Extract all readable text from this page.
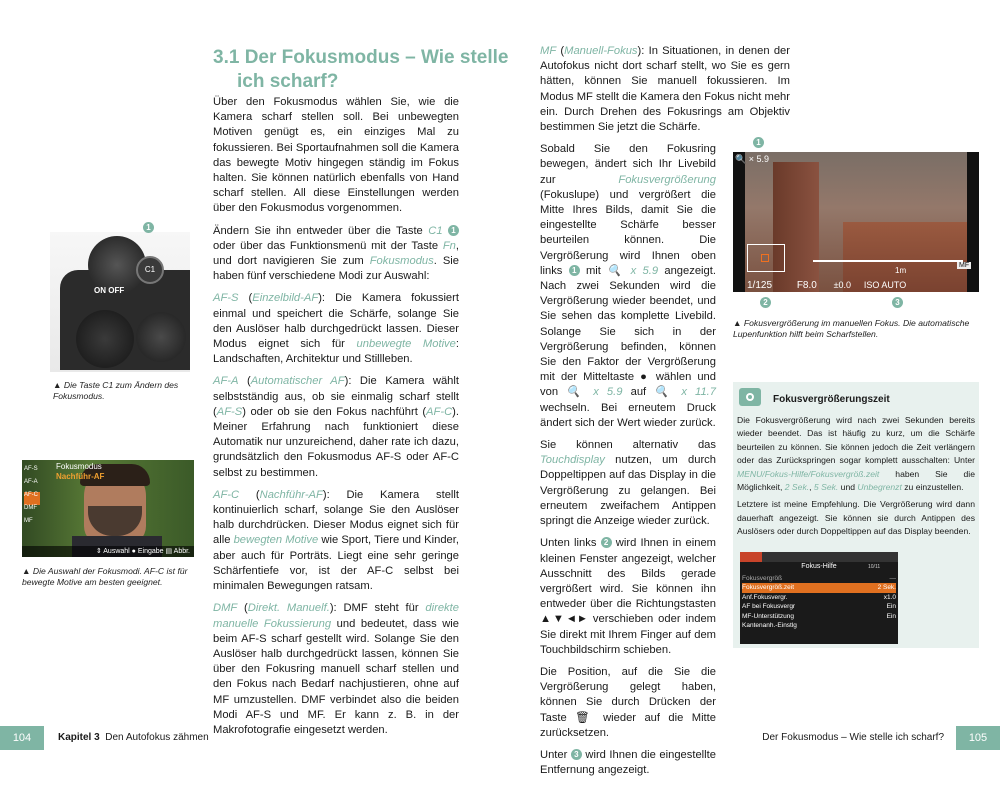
C1
ON OFF
1
▲ Die Taste C1 zum Ändern des Fokusmodus.
Fokusmodus
Nachführ-AF
AF-S
AF-A
AF-C
DMF
MF
⇕ Auswahl ● Eingabe ▤ Abbr.
▲ Die Auswahl der Fokusmodi. AF-C ist für bewegte Motive am besten geeignet.
3.1 Der Fokusmodus – Wie stelle
ich scharf?

Über den Fokusmodus wählen Sie, wie die Kamera scharf stellen soll. Bei unbewegten Motiven genügt es, ein einziges Mal zu fokussieren. Bei Sportaufnahmen soll die Kamera das bewegte Motiv hingegen ständig im Fokus halten. Sie können natürlich ebenfalls von Hand scharf stellen. All diese Einstellungen werden über den Fokusmodus vorgenommen.

Ändern Sie ihn entweder über die Taste C1 1 oder über das Funktionsmenü mit der Taste Fn, und dort navigieren Sie zum Fokusmodus. Sie haben fünf verschiedene Modi zur Auswahl:

AF-S (Einzelbild-AF): Die Kamera fokussiert einmal und speichert die Schärfe, solange Sie den Auslöser halb durchgedrückt lassen. Dieser Modus eignet sich für unbewegte Motive: Landschaften, Architektur und Stillleben.

AF-A (Automatischer AF): Die Kamera wählt selbstständig aus, ob sie einmalig scharf stellt (AF-S) oder ob sie den Fokus nachführt (AF-C). Meiner Erfahrung nach funktioniert diese Automatik nur unzureichend, daher rate ich dazu, grundsätzlich den Fokusmodus AF-S oder AF-C selbst zu bestimmen.

AF-C (Nachführ-AF): Die Kamera stellt kontinuierlich scharf, solange Sie den Auslöser halb durchdrücken. Dieser Modus eignet sich für alle bewegten Motive wie Sport, Tiere und Kinder, aber auch für Porträts. Liegt eine sehr geringe Schärfentiefe vor, ist der AF-C selbst bei minimalen Bewegungen ratsam.

DMF (Direkt. Manuelf.): DMF steht für direkte manuelle Fokussierung und bedeutet, dass wie beim AF-S scharf gestellt wird. Solange Sie den Auslöser halb durchgedrückt lassen, können Sie über den Fokusring manuell scharf stellen und den Fokus nach Bedarf nachjustieren, ohne auf MF umzustellen. DMF verbindet also die beiden Modi AF-S und MF. Er kann z. B. in der Makrofotografie eingesetzt werden.

104	Kapitel 3 Den Autofokus zähmen

MF (Manuell-Fokus): In Situationen, in denen der Autofokus nicht dort scharf stellt, wo Sie es gern hätten, können Sie manuell fokussieren. Im Modus MF stellt die Kamera den Fokus nicht mehr ein. Durch Drehen des Fokusrings am Objektiv bestimmen Sie jetzt die Schärfe.

Sobald Sie den Fokusring bewegen, ändert sich Ihr Livebild zur Fokusvergrößerung (Fokuslupe) und vergrößert die Mitte Ihres Bilds, damit Sie die eingestellte Schärfe besser beurteilen können. Die Vergrößerung wird Ihnen oben links 1 mit 🔍 x 5.9 angezeigt. Nach zwei Sekunden wird die Vergrößerung wieder beendet, und Sie sehen das komplette Livebild. Solange Sie sich in der Vergrößerung befinden, können Sie den Faktor der Vergrößerung mit der Mitteltaste ● wählen und von 🔍 x 5.9 auf 🔍 x 11.7 wechseln. Bei erneutem Druck ändert sich der Wert wieder zurück.

Sie können alternativ das Touchdisplay nutzen, um durch Doppeltippen auf das Display in die Vergrößerung zu gelangen. Bei erneutem zweifachem Antippen springt die Anzeige wieder zurück.

Unten links 2 wird Ihnen in einem kleinen Fenster angezeigt, welcher Ausschnitt des Bilds gerade vergrößert wird. Sie können ihn entweder über die Richtungstasten ▲▼◄► verschieben oder indem Sie direkt mit Ihrem Finger auf dem Touchbildschirm schieben.

Die Position, auf die Sie die Vergrößerung gelegt haben, können Sie durch Drücken der Taste 🗑 wieder auf die Mitte zurücksetzen.

Unter 3 wird Ihnen die eingestellte Entfernung angezeigt.

🔍 × 5.9
1m
MF
1/125 F8.0 ±0.0 ISO AUTO
1
2	3
▲ Fokusvergrößerung im manuellen Fokus. Die automatische Lupenfunktion hilft beim Scharfstellen.
Fokusvergrößerungszeit

Die Fokusvergrößerung wird nach zwei Sekunden bereits wieder beendet. Das ist häufig zu kurz, um die Schärfe beurteilen zu können. Sie können jedoch die Zeit verlängern oder das Zurückspringen sogar komplett ausschalten: Unter MENU/Fokus-Hilfe/Fokusvergröß.zeit haben Sie die Möglichkeit, 2 Sek., 5 Sek. und Unbegrenzt zu einzustellen.

Letztere ist meine Empfehlung. Die Vergrößerung wird dann dauerhaft angezeigt. Sie können sie durch Antippen des Auslösers oder durch Doppeltippen auf das Display beenden.

Fokus-Hilfe	10/11
Fokusvergröß	—
Fokusvergröß.zeit	2 Sek.
Anf.Fokusvergr.	x1.0
AF bei Fokusvergr	Ein
MF-Unterstützung	Ein
Kantenanh.-Einstlg
Der Fokusmodus – Wie stelle ich scharf?	105
